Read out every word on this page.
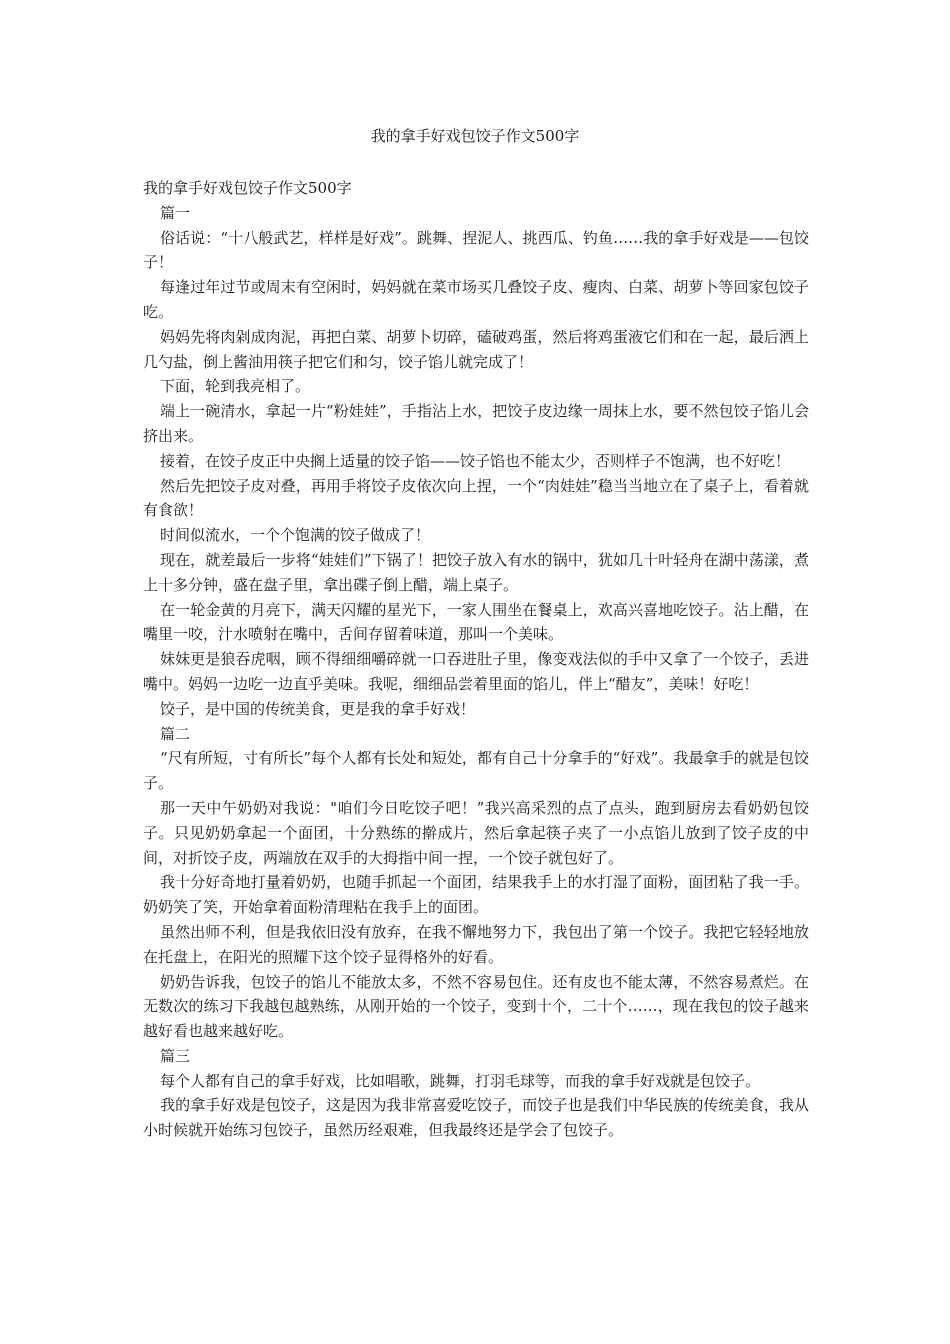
我的拿手好戏包饺子作文500字

我的拿手好戏包饺子作文500字

篇一

俗话说：“十八般武艺，样样是好戏”。跳舞、捏泥人、挑西瓜、钓鱼……我的拿手好戏是——包饺子！

每逢过年过节或周末有空闲时，妈妈就在菜市场买几叠饺子皮、瘦肉、白菜、胡萝卜等回家包饺子吃。

妈妈先将肉剁成肉泥，再把白菜、胡萝卜切碎，磕破鸡蛋，然后将鸡蛋液它们和在一起，最后洒上几勺盐，倒上酱油用筷子把它们和匀，饺子馅儿就完成了！

下面，轮到我亮相了。

端上一碗清水，拿起一片“粉娃娃”，手指沾上水，把饺子皮边缘一周抹上水，要不然包饺子馅儿会挤出来。

接着，在饺子皮正中央搁上适量的饺子馅——饺子馅也不能太少，否则样子不饱满，也不好吃！

然后先把饺子皮对叠，再用手将饺子皮依次向上捏，一个“肉娃娃”稳当当地立在了桌子上，看着就有食欲！

时间似流水，一个个饱满的饺子做成了！

现在，就差最后一步将“娃娃们”下锅了！把饺子放入有水的锅中，犹如几十叶轻舟在湖中荡漾，煮上十多分钟，盛在盘子里，拿出碟子倒上醋，端上桌子。

在一轮金黄的月亮下，满天闪耀的星光下，一家人围坐在餐桌上，欢高兴喜地吃饺子。沾上醋，在嘴里一咬，汁水喷射在嘴中，舌间存留着味道，那叫一个美味。

妹妹更是狼吞虎咽，顾不得细细嚼碎就一口吞进肚子里，像变戏法似的手中又拿了一个饺子，丢进嘴中。妈妈一边吃一边直乎美味。我呢，细细品尝着里面的馅儿，伴上“醋友”，美味！好吃！

饺子，是中国的传统美食，更是我的拿手好戏！

篇二

“尺有所短，寸有所长”每个人都有长处和短处，都有自己十分拿手的“好戏”。我最拿手的就是包饺子。

那一天中午奶奶对我说："咱们今日吃饺子吧！”我兴高采烈的点了点头，跑到厨房去看奶奶包饺子。只见奶奶拿起一个面团，十分熟练的擀成片，然后拿起筷子夹了一小点馅儿放到了饺子皮的中间，对折饺子皮，两端放在双手的大拇指中间一捏，一个饺子就包好了。

我十分好奇地打量着奶奶，也随手抓起一个面团，结果我手上的水打湿了面粉，面团粘了我一手。奶奶笑了笑，开始拿着面粉清理粘在我手上的面团。

虽然出师不利，但是我依旧没有放弃，在我不懈地努力下，我包出了第一个饺子。我把它轻轻地放在托盘上，在阳光的照耀下这个饺子显得格外的好看。

奶奶告诉我，包饺子的馅儿不能放太多，不然不容易包住。还有皮也不能太薄，不然容易煮烂。在无数次的练习下我越包越熟练，从刚开始的一个饺子，变到十个，二十个……，现在我包的饺子越来越好看也越来越好吃。

篇三

每个人都有自己的拿手好戏，比如唱歌，跳舞，打羽毛球等，而我的拿手好戏就是包饺子。

我的拿手好戏是包饺子，这是因为我非常喜爱吃饺子，而饺子也是我们中华民族的传统美食，我从小时候就开始练习包饺子，虽然历经艰难，但我最终还是学会了包饺子。
